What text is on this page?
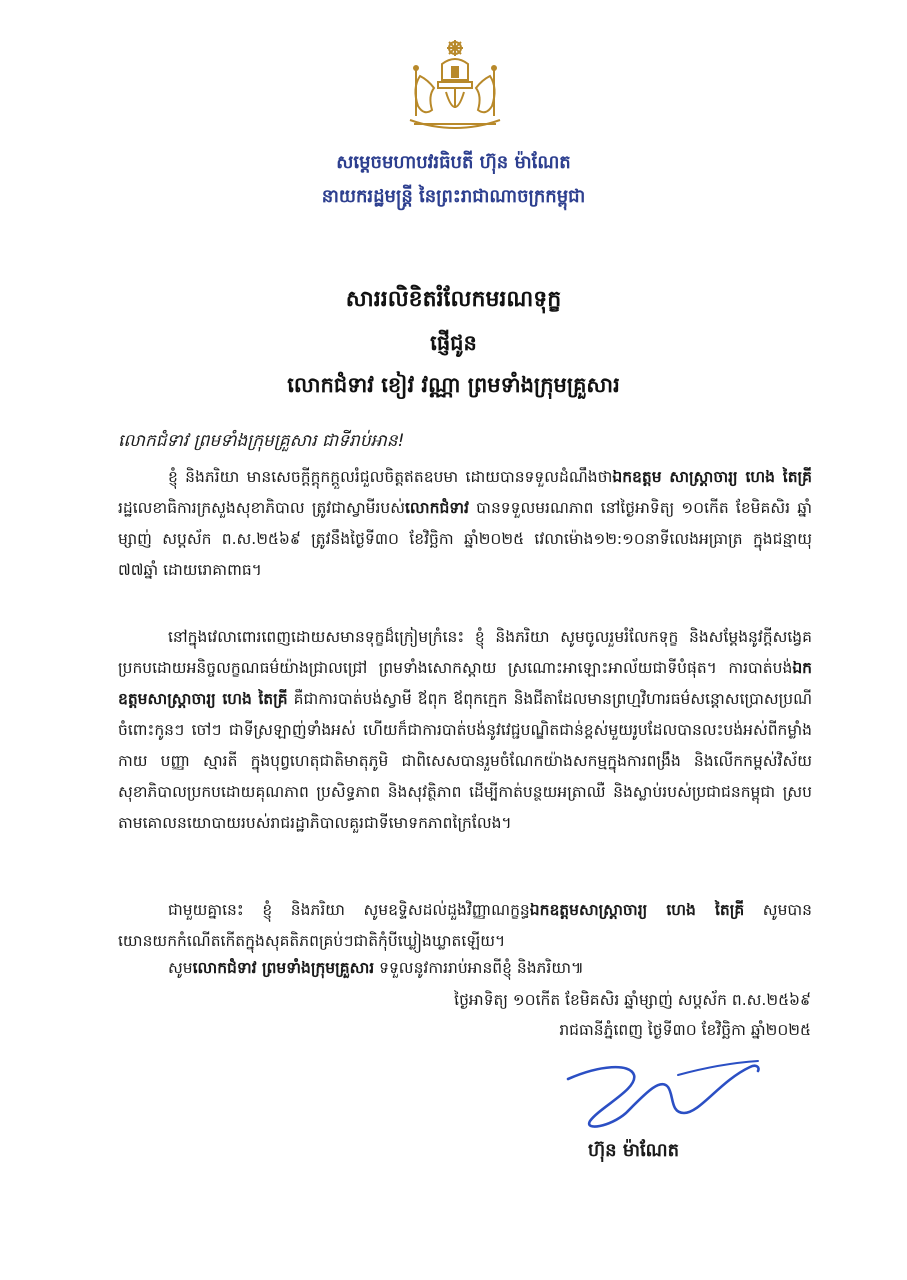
សម្តេចមហាបវរធិបតី ហ៊ុន ម៉ាណែត
នាយករដ្ឋមន្ត្រី នៃព្រះរាជាណាចក្រកម្ពុជា
សាររលិខិតរំលែកមរណទុក្ខ
ផ្ញើជូន
លោកជំទាវ ខៀវ វណ្ណា ព្រមទាំងក្រុមគ្រួសារ
លោកជំទាវ ព្រមទាំងក្រុមគ្រួសារ ជាទីរាប់អាន!
ខ្ញុំ និងភរិយា មានសេចក្តីក្តុកក្តួលរំជួលចិត្តឥតឧបមា ដោយបានទទួលដំណឹងថាឯកឧត្តម សាស្ត្រាចារ្យ ហេង តៃគ្រី រដ្ឋលេខាធិការក្រសួងសុខាភិបាល ត្រូវជាស្វាមីរបស់លោកជំទាវ បានទទួលមរណភាព នៅថ្ងៃអាទិត្យ ១០កើត ខែមិគសិរ ឆ្នាំម្សាញ់ សប្តស័ក ព.ស.២៥៦៩ ត្រូវនឹងថ្ងៃទី៣០ ខែវិច្ឆិកា ឆ្នាំ២០២៥ វេលាម៉ោង១២:១០នាទីលេងអធ្រាត្រ ក្នុងជន្មាយុ ៧៧ឆ្នាំ ដោយរោគាពាធ។
នៅក្នុងវេលាពោរពេញដោយសមានទុក្ខដ៏ក្រៀមក្រំនេះ ខ្ញុំ និងភរិយា សូមចូលរួមរំលែកទុក្ខ និងសម្តែងនូវក្តីសង្វេគប្រកបដោយអនិច្ចលក្ខណធម៌យ៉ាងជ្រាលជ្រៅ ព្រមទាំងសោកស្តាយ ស្រណោះអាឡោះអាល័យជាទីបំផុត។ ការបាត់បង់ឯកឧត្តមសាស្ត្រាចារ្យ ហេង តៃគ្រី គឺជាការបាត់បង់ស្វាមី ឪពុក ឪពុកក្មេក និងជីតាដែលមានព្រហ្មវិហារធម៌សន្តោសប្រោសប្រណីចំពោះកូនៗ ចៅៗ ជាទីស្រឡាញ់ទាំងអស់ ហើយក៏ជាការបាត់បង់នូវវេជ្ជបណ្ឌិតជាន់ខ្ពស់មួយរូបដែលបានលះបង់អស់ពីកម្លាំងកាយ បញ្ញា ស្មារតី ក្នុងបុព្វហេតុជាតិមាតុភូមិ ជាពិសេសបានរួមចំណែកយ៉ាងសកម្មក្នុងការពង្រឹង និងលើកកម្ពស់វិស័យសុខាភិបាលប្រកបដោយគុណភាព ប្រសិទ្ធភាព និងសុវត្ថិភាព ដើម្បីកាត់បន្ថយអត្រាឈឺ និងស្លាប់របស់ប្រជាជនកម្ពុជា ស្របតាមគោលនយោបាយរបស់រាជរដ្ឋាភិបាលគួរជាទីមោទកភាពក្រៃលែង។
ជាមួយគ្នានេះ ខ្ញុំ និងភរិយា សូមឧទ្ទិសដល់ដួងវិញ្ញាណក្ខន្ធឯកឧត្តមសាស្ត្រាចារ្យ ហេង តៃគ្រី សូមបានយោនយកកំណើតកើតក្នុងសុគតិភពគ្រប់ៗជាតិកុំបីឃ្លៀងឃ្លាតឡើយ។
សូមលោកជំទាវ ព្រមទាំងក្រុមគ្រួសារ ទទួលនូវការរាប់អានពីខ្ញុំ និងភរិយា៕
ថ្ងៃអាទិត្យ ១០កើត ខែមិគសិរ ឆ្នាំម្សាញ់ សប្តស័ក ព.ស.២៥៦៩
រាជធានីភ្នំពេញ ថ្ងៃទី៣០ ខែវិច្ឆិកា ឆ្នាំ២០២៥
ហ៊ុន ម៉ាណែត
